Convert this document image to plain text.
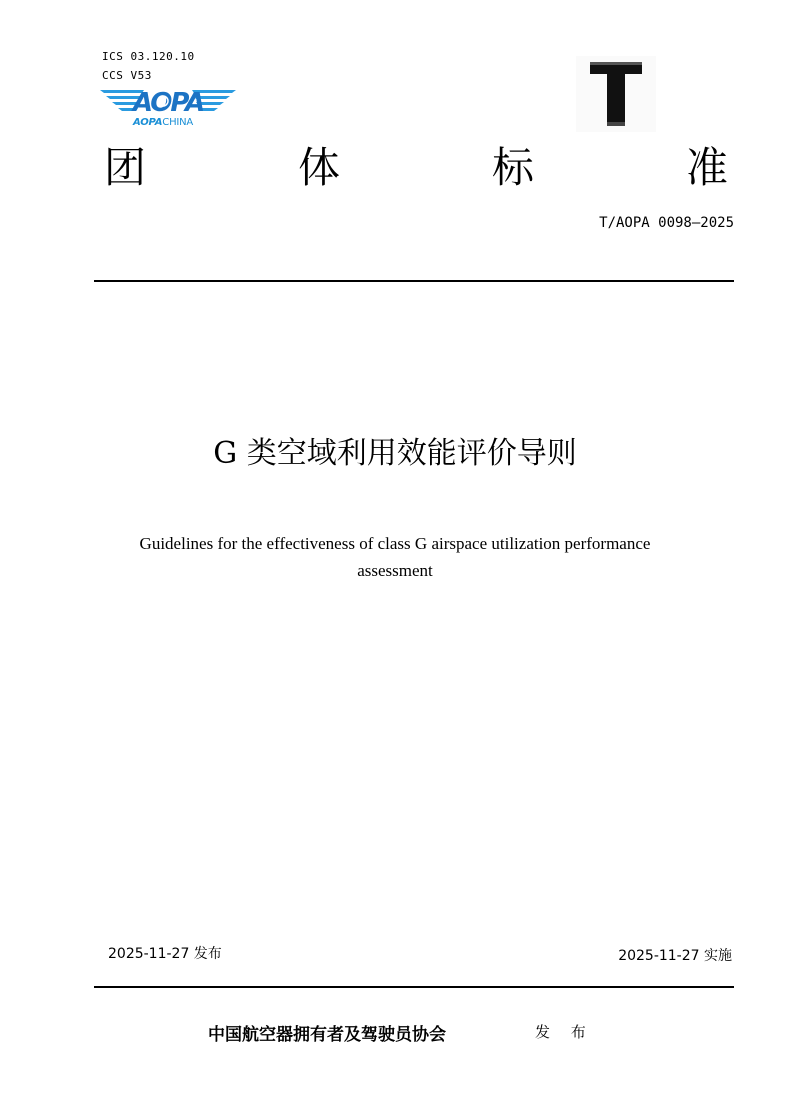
ICS 03.120.10
CCS V53
AOPA
AOPACHINA
团	体	标	准
T/AOPA 0098—2025
G 类空域利用效能评价导则
Guidelines for the effectiveness of class G airspace utilization performance assessment
2025-11-27 发布	2025-11-27 实施
中国航空器拥有者及驾驶员协会	发 布
